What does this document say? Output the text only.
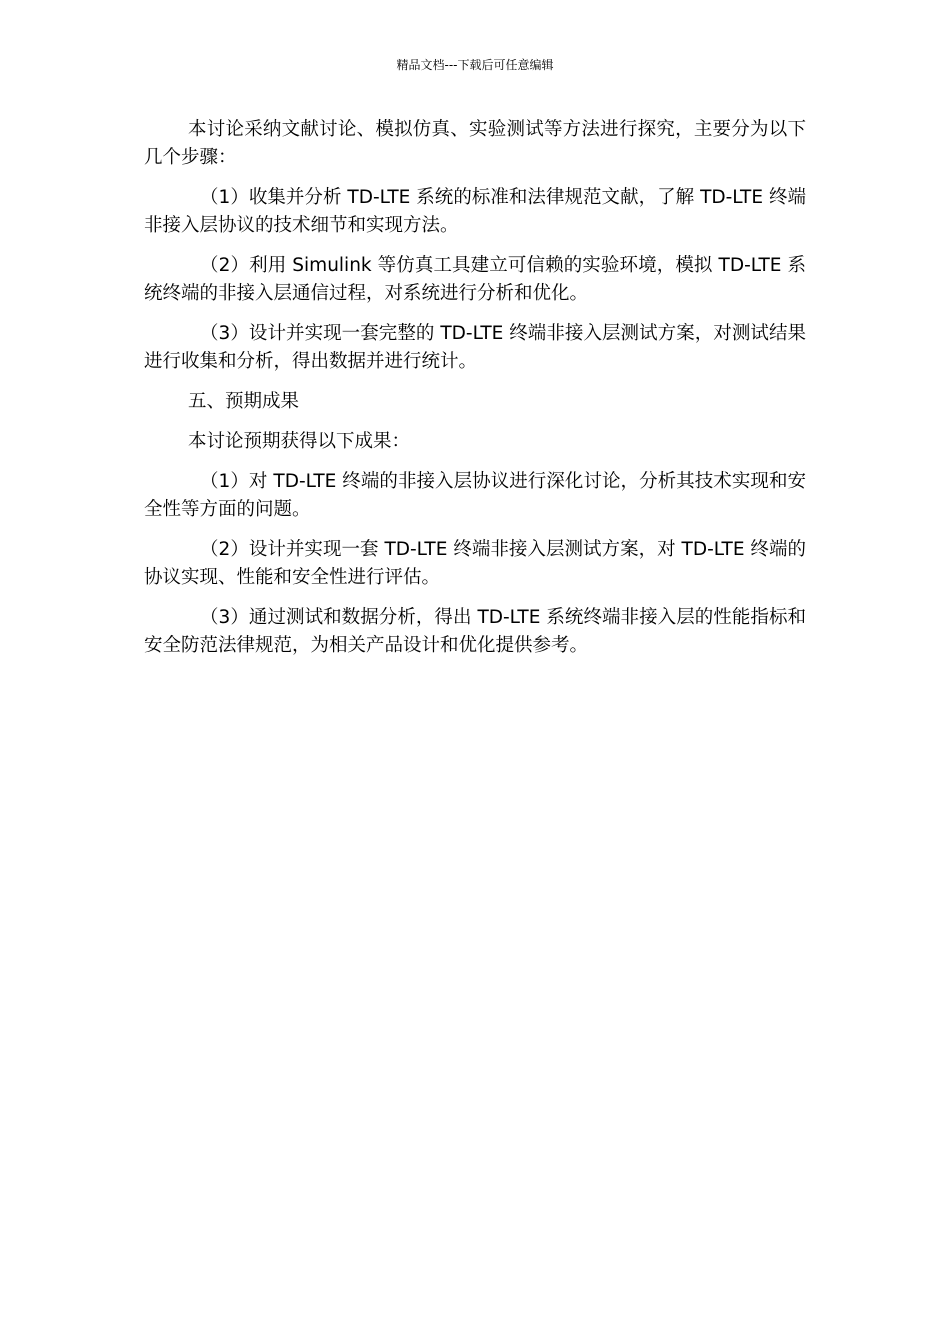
精品文档---下载后可任意编辑

本讨论采纳文献讨论、模拟仿真、实验测试等方法进行探究，主要分为以下几个步骤：

（1）收集并分析 TD-LTE 系统的标准和法律规范文献，了解 TD-LTE 终端非接入层协议的技术细节和实现方法。

（2）利用 Simulink 等仿真工具建立可信赖的实验环境，模拟 TD-LTE 系统终端的非接入层通信过程，对系统进行分析和优化。

（3）设计并实现一套完整的 TD-LTE 终端非接入层测试方案，对测试结果进行收集和分析，得出数据并进行统计。

五、预期成果

本讨论预期获得以下成果：

（1）对 TD-LTE 终端的非接入层协议进行深化讨论，分析其技术实现和安全性等方面的问题。

（2）设计并实现一套 TD-LTE 终端非接入层测试方案，对 TD-LTE 终端的协议实现、性能和安全性进行评估。

（3）通过测试和数据分析，得出 TD-LTE 系统终端非接入层的性能指标和安全防范法律规范，为相关产品设计和优化提供参考。
